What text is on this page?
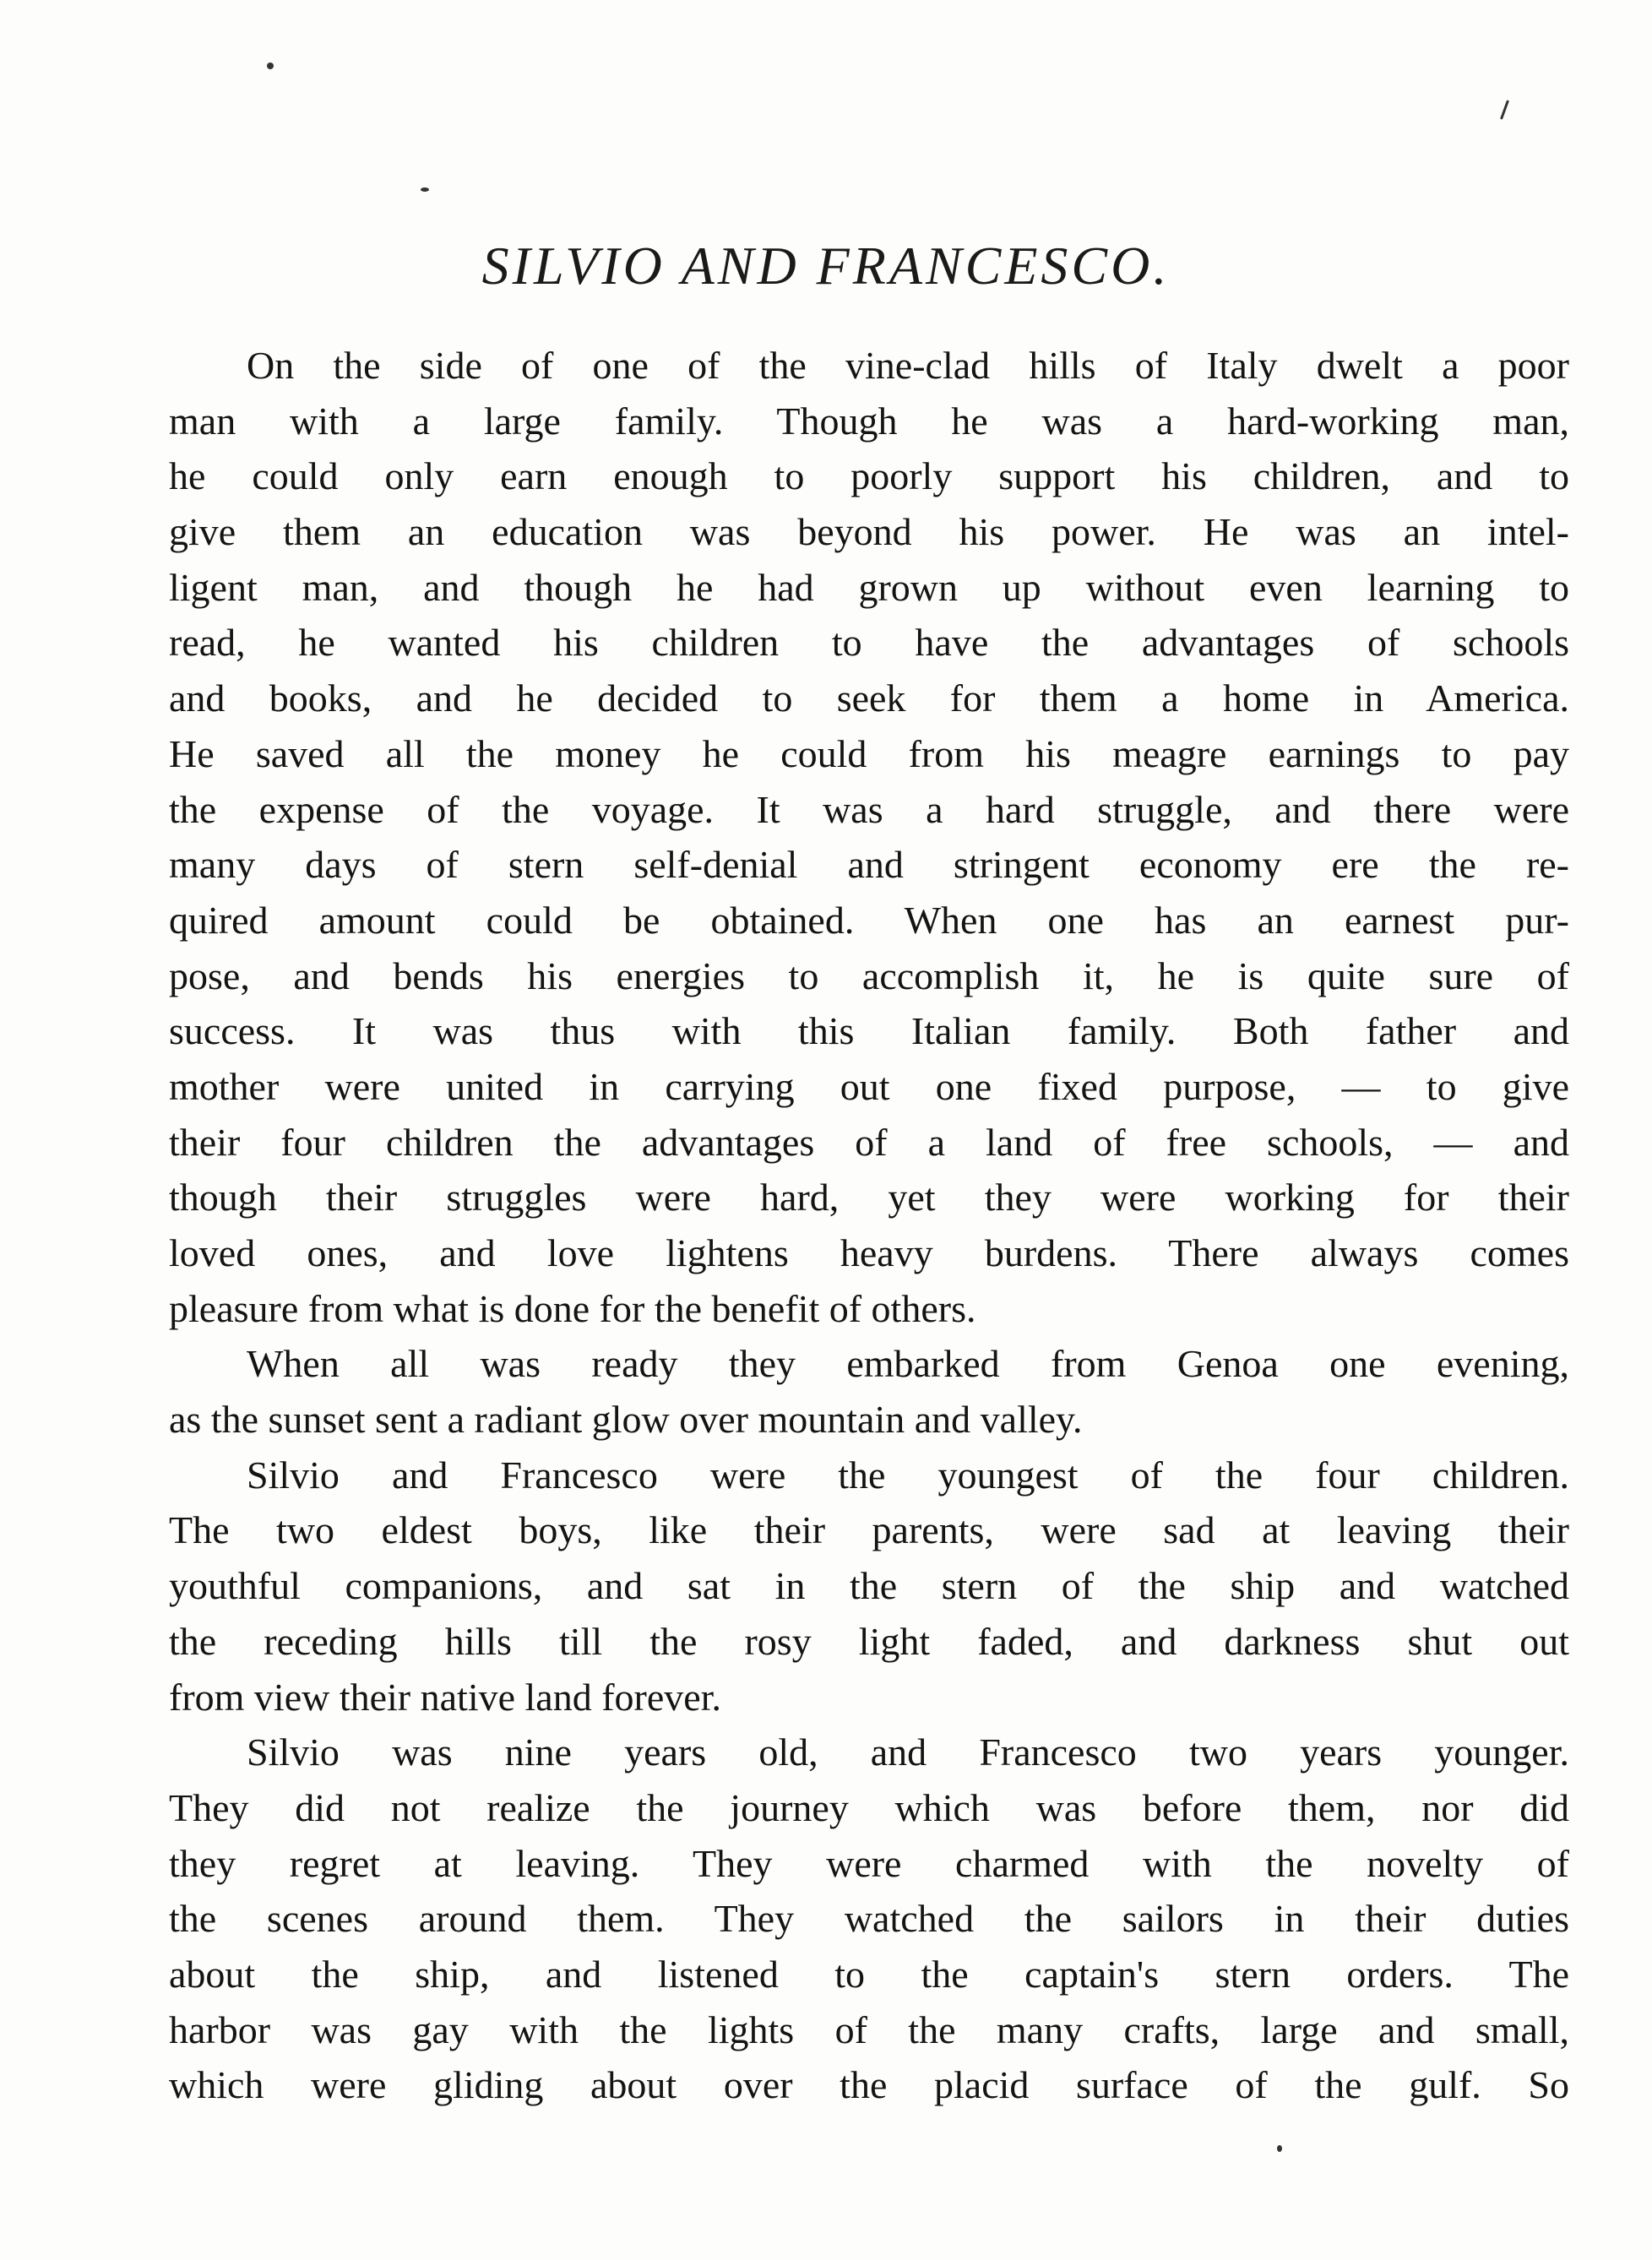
SILVIO AND FRANCESCO.
On the side of one of the vine-clad hills of Italy dwelt a poor
man with a large family. Though he was a hard-working man,
he could only earn enough to poorly support his children, and to
give them an education was beyond his power. He was an intel-
ligent man, and though he had grown up without even learning to
read, he wanted his children to have the advantages of schools
and books, and he decided to seek for them a home in America.
He saved all the money he could from his meagre earnings to pay
the expense of the voyage. It was a hard struggle, and there were
many days of stern self-denial and stringent economy ere the re-
quired amount could be obtained. When one has an earnest pur-
pose, and bends his energies to accomplish it, he is quite sure of
success. It was thus with this Italian family. Both father and
mother were united in carrying out one fixed purpose, — to give
their four children the advantages of a land of free schools, — and
though their struggles were hard, yet they were working for their
loved ones, and love lightens heavy burdens. There always comes
pleasure from what is done for the benefit of others.
When all was ready they embarked from Genoa one evening,
as the sunset sent a radiant glow over mountain and valley.
Silvio and Francesco were the youngest of the four children.
The two eldest boys, like their parents, were sad at leaving their
youthful companions, and sat in the stern of the ship and watched
the receding hills till the rosy light faded, and darkness shut out
from view their native land forever.
Silvio was nine years old, and Francesco two years younger.
They did not realize the journey which was before them, nor did
they regret at leaving. They were charmed with the novelty of
the scenes around them. They watched the sailors in their duties
about the ship, and listened to the captain's stern orders. The
harbor was gay with the lights of the many crafts, large and small,
which were gliding about over the placid surface of the gulf. So
